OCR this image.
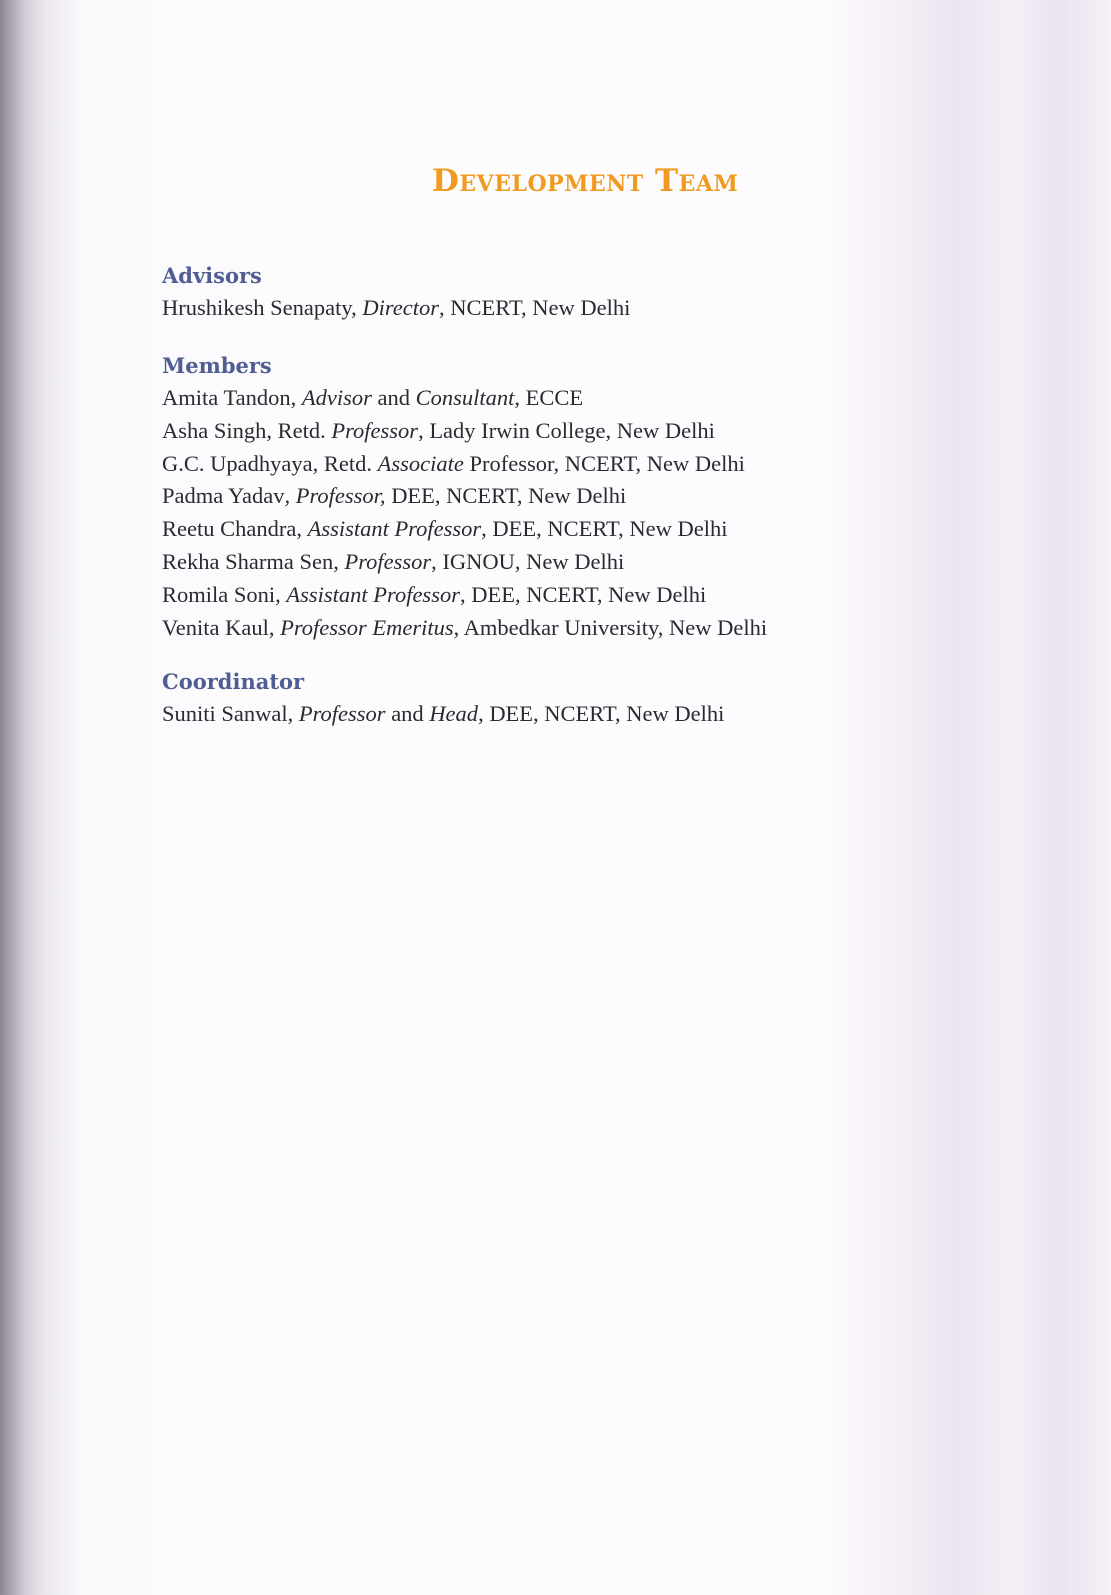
Development Team
Advisors

Hrushikesh Senapaty, Director, NCERT, New Delhi

Members

Amita Tandon, Advisor and Consultant, ECCE

Asha Singh, Retd. Professor, Lady Irwin College, New Delhi

G.C. Upadhyaya, Retd. Associate Professor, NCERT, New Delhi

Padma Yadav, Professor, DEE, NCERT, New Delhi

Reetu Chandra, Assistant Professor, DEE, NCERT, New Delhi

Rekha Sharma Sen, Professor, IGNOU, New Delhi

Romila Soni, Assistant Professor, DEE, NCERT, New Delhi

Venita Kaul, Professor Emeritus, Ambedkar University, New Delhi

Coordinator

Suniti Sanwal, Professor and Head, DEE, NCERT, New Delhi
